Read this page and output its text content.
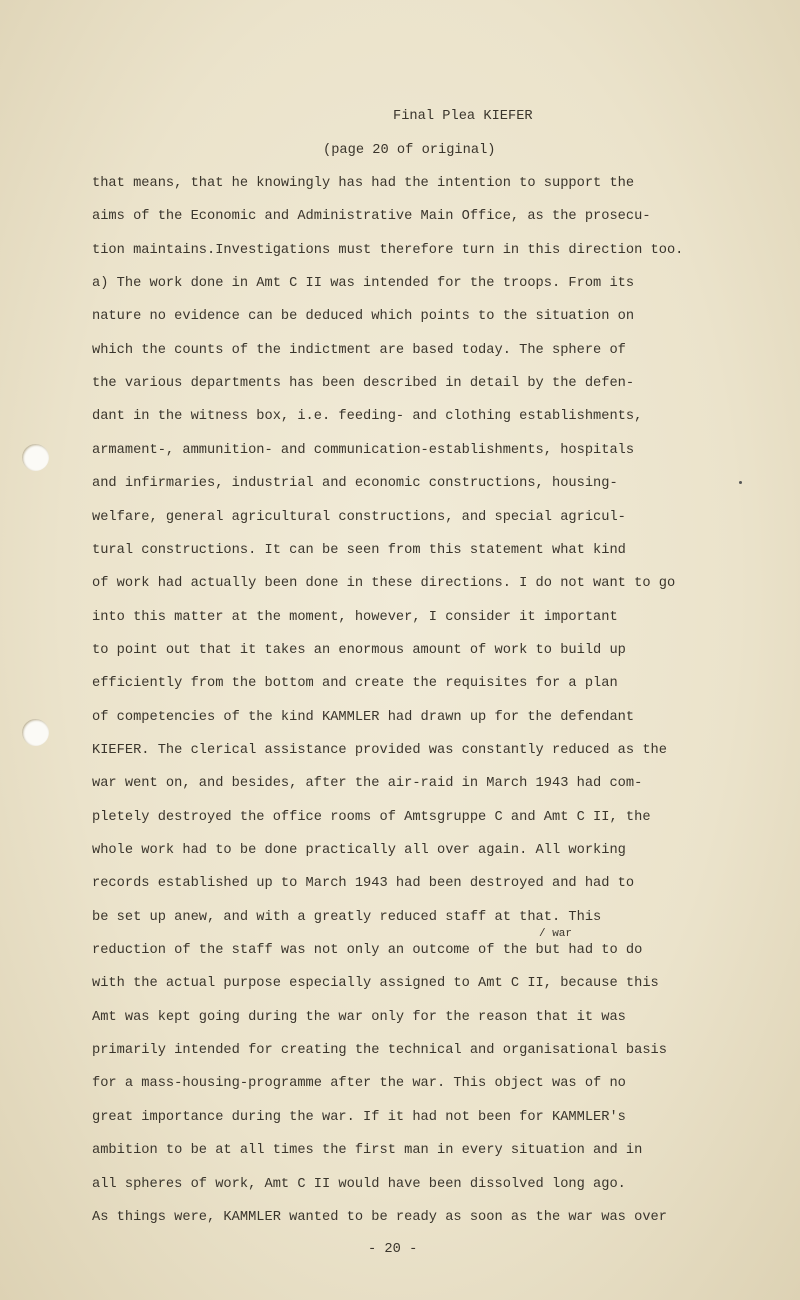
Final Plea KIEFER
(page 20 of original)
that means, that he knowingly has had the intention to support the
aims of the Economic and Administrative Main Office, as the prosecu-
tion maintains.Investigations must therefore turn in this direction too.
a) The work done in Amt C II was intended for the troops. From its
nature no evidence can be deduced which points to the situation on
which the counts of the indictment are based today. The sphere of
the various departments has been described in detail by the defen-
dant in the witness box, i.e. feeding- and clothing establishments,
armament-, ammunition- and communication-establishments, hospitals
and infirmaries, industrial and economic constructions, housing-
welfare, general agricultural constructions, and special agricul-
tural constructions. It can be seen from this statement what kind
of work had actually been done in these directions. I do not want to go
into this matter at the moment, however, I consider it important
to point out that it takes an enormous amount of work to build up
efficiently from the bottom and create the requisites for a plan
of competencies of the kind KAMMLER had drawn up for the defendant
KIEFER. The clerical assistance provided was constantly reduced as the
war went on, and besides, after the air-raid in March 1943 had com-
pletely destroyed the office rooms of Amtsgruppe C and Amt C II, the
whole work had to be done practically all over again. All working
records established up to March 1943 had been destroyed and had to
be set up anew, and with a greatly reduced staff at that. This
reduction of the staff was not only an outcome of the but had to do
with the actual purpose especially assigned to Amt C II, because this
Amt was kept going during the war only for the reason that it was
primarily intended for creating the technical and organisational basis
for a mass-housing-programme after the war. This object was of no
great importance during the war. If it had not been for KAMMLER's
ambition to be at all times the first man in every situation and in
all spheres of work, Amt C II would have been dissolved long ago.
As things were, KAMMLER wanted to be ready as soon as the war was over
/ war
- 20 -
